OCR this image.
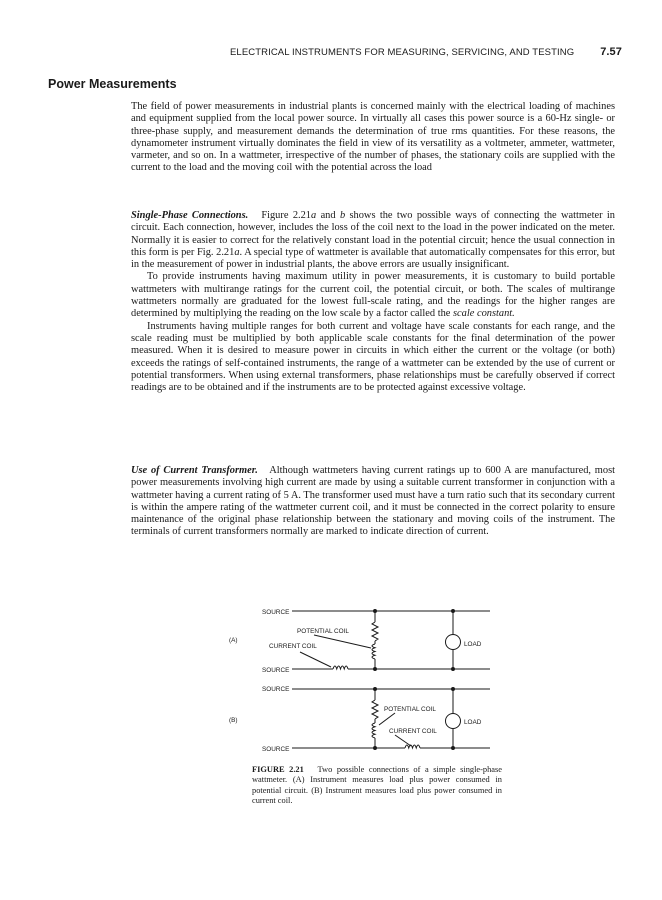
ELECTRICAL INSTRUMENTS FOR MEASURING, SERVICING, AND TESTING 7.57
Power Measurements

The field of power measurements in industrial plants is concerned mainly with the electrical loading of machines and equipment supplied from the local power source. In virtually all cases this power source is a 60-Hz single- or three-phase supply, and measurement demands the determination of true rms quantities. For these reasons, the dynamometer instrument virtually dominates the field in view of its versatility as a voltmeter, ammeter, wattmeter, varmeter, and so on. In a wattmeter, irrespective of the number of phases, the stationary coils are supplied with the current to the load and the moving coil with the potential across the load

Single-Phase Connections.   Figure 2.21a and b shows the two possible ways of connecting the wattmeter in circuit. Each connection, however, includes the loss of the coil next to the load in the power indicated on the meter. Normally it is easier to correct for the relatively constant load in the potential circuit; hence the usual connection in this form is per Fig. 2.21a. A special type of wattmeter is available that automatically compensates for this error, but in the measurement of power in industrial plants, the above errors are usually insignificant.

To provide instruments having maximum utility in power measurements, it is customary to build portable wattmeters with multirange ratings for the current coil, the potential circuit, or both. The scales of multirange wattmeters normally are graduated for the lowest full-scale rating, and the readings for the higher ranges are determined by multiplying the reading on the low scale by a factor called the scale constant.

Instruments having multiple ranges for both current and voltage have scale constants for each range, and the scale reading must be multiplied by both applicable scale constants for the final determination of the power measured. When it is desired to measure power in circuits in which either the current or the voltage (or both) exceeds the ratings of self-contained instruments, the range of a wattmeter can be extended by the use of current or potential transformers. When using external transformers, phase relationships must be carefully observed if correct readings are to be obtained and if the instruments are to be protected against excessive voltage.

Use of Current Transformer. Although wattmeters having current ratings up to 600 A are manufactured, most power measurements involving high current are made by using a suitable current transformer in conjunction with a wattmeter having a current rating of 5 A. The transformer used must have a turn ratio such that its secondary current is within the ampere rating of the wattmeter current coil, and it must be connected in the correct polarity to ensure maintenance of the original phase relationship between the stationary and moving coils of the instrument. The terminals of current transformers normally are marked to indicate direction of current.

(A)
SOURCE
SOURCE
POTENTIAL COIL
CURRENT COIL	LOAD
(B)
SOURCE
SOURCE
POTENTIAL COIL
CURRENT COIL
LOAD
FIGURE 2.21 Two possible connections of a simple single-phase wattmeter. (A) Instrument measures load plus power consumed in potential circuit. (B) Instrument measures load plus power consumed in current coil.
